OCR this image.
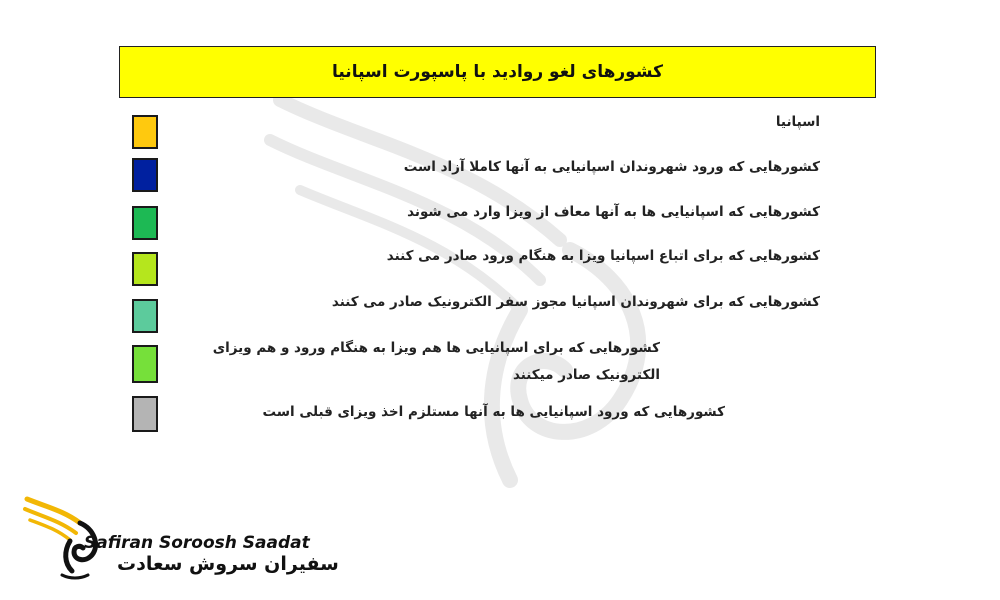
کشورهای لغو روادید با پاسپورت اسپانیا
اسپانیا
کشورهایی که ورود شهروندان اسپانیایی به آنها کاملا آزاد است
کشورهایی که اسپانیایی ها به آنها معاف از ویزا وارد می شوند
کشورهایی که برای اتباع اسپانیا ویزا به هنگام ورود صادر می کنند
کشورهایی که برای شهروندان اسپانیا مجوز سفر الکترونیک صادر می کنند
کشورهایی که برای اسپانیایی ها هم ویزا به هنگام ورود و هم ویزای الکترونیک صادر میکنند
کشورهایی که ورود اسپانیایی ها به آنها مستلزم اخذ ویزای قبلی است
Safiran Soroosh Saadat
سفیران سروش سعادت
